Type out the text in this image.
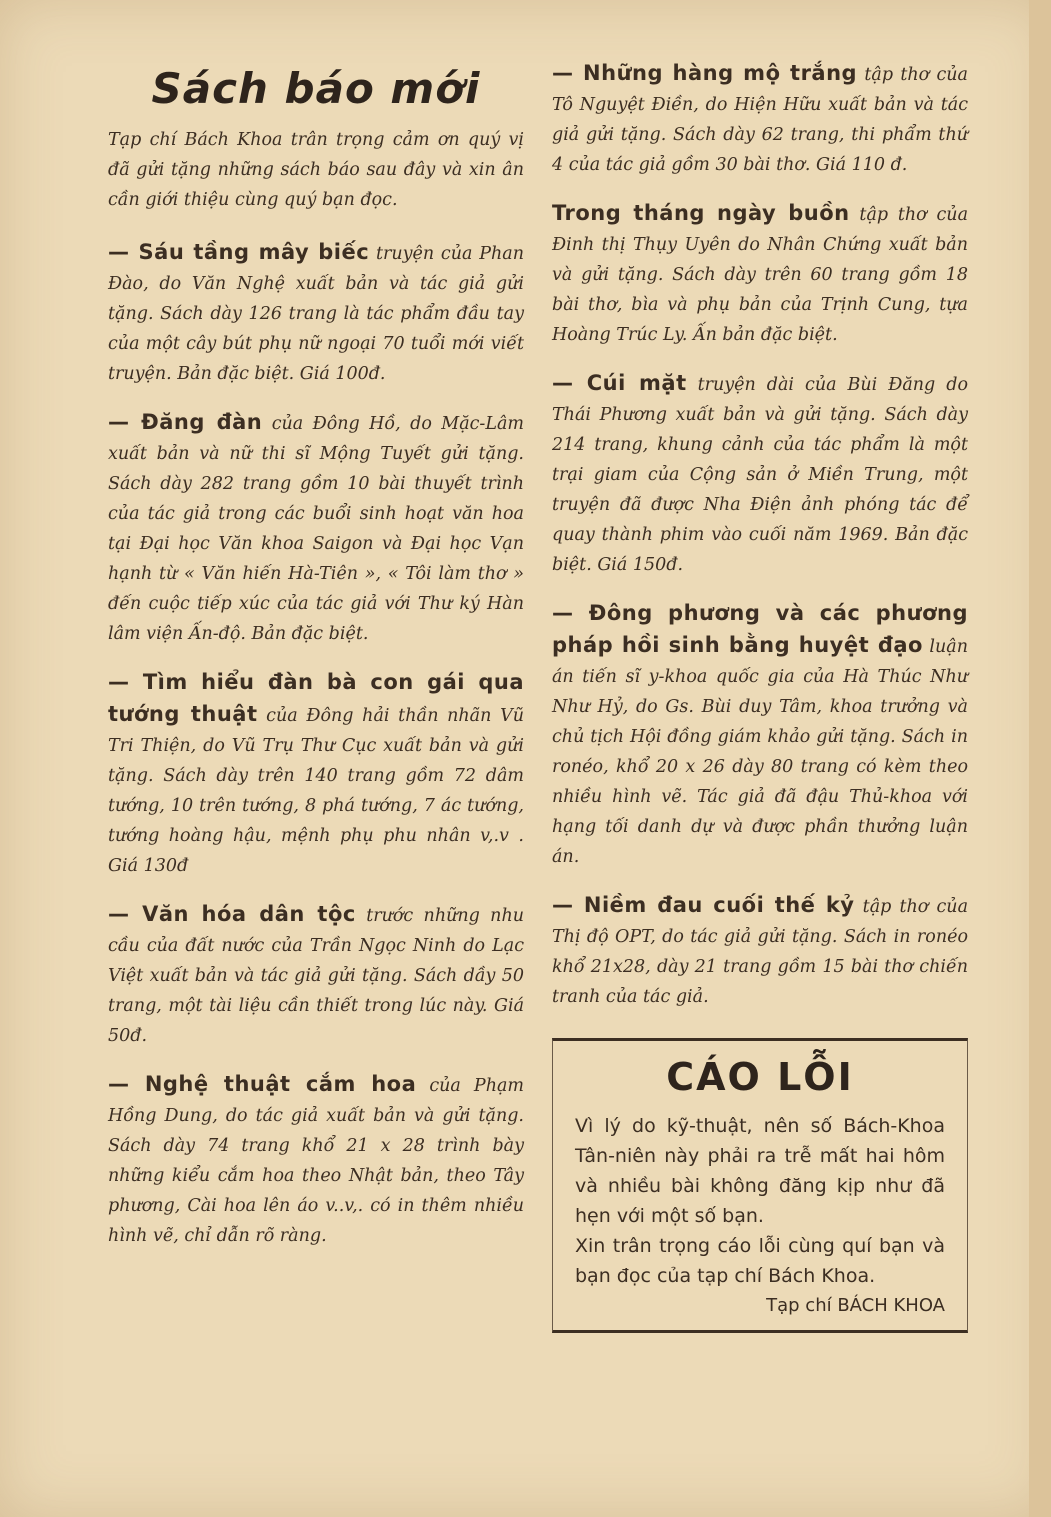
Sách báo mới

Tạp chí Bách Khoa trân trọng cảm ơn quý vị đã gửi tặng những sách báo sau đây và xin ân cần giới thiệu cùng quý bạn đọc.

— Sáu tầng mây biếc truyện của Phan Đào, do Văn Nghệ xuất bản và tác giả gửi tặng. Sách dày 126 trang là tác phẩm đầu tay của một cây bút phụ nữ ngoại 70 tuổi mới viết truyện. Bản đặc biệt. Giá 100đ.

— Đăng đàn của Đông Hồ, do Mặc-Lâm xuất bản và nữ thi sĩ Mộng Tuyết gửi tặng. Sách dày 282 trang gồm 10 bài thuyết trình của tác giả trong các buổi sinh hoạt văn hoa tại Đại học Văn khoa Saigon và Đại học Vạn hạnh từ « Văn hiến Hà-Tiên », « Tôi làm thơ » đến cuộc tiếp xúc của tác giả với Thư ký Hàn lâm viện Ấn-độ. Bản đặc biệt.

— Tìm hiểu đàn bà con gái qua tướng thuật của Đông hải thần nhãn Vũ Tri Thiện, do Vũ Trụ Thư Cục xuất bản và gửi tặng. Sách dày trên 140 trang gồm 72 dâm tướng, 10 trên tướng, 8 phá tướng, 7 ác tướng, tướng hoàng hậu, mệnh phụ phu nhân v,.v . Giá 130đ

— Văn hóa dân tộc trước những nhu cầu của đất nước của Trần Ngọc Ninh do Lạc Việt xuất bản và tác giả gửi tặng. Sách dầy 50 trang, một tài liệu cần thiết trong lúc này. Giá 50đ.

— Nghệ thuật cắm hoa của Phạm Hồng Dung, do tác giả xuất bản và gửi tặng. Sách dày 74 trang khổ 21 x 28 trình bày những kiểu cắm hoa theo Nhật bản, theo Tây phương, Cài hoa lên áo v..v,. có in thêm nhiều hình vẽ, chỉ dẫn rõ ràng.

— Những hàng mộ trắng tập thơ của Tô Nguyệt Điền, do Hiện Hữu xuất bản và tác giả gửi tặng. Sách dày 62 trang, thi phẩm thứ 4 của tác giả gồm 30 bài thơ. Giá 110 đ.

Trong tháng ngày buồn tập thơ của Đinh thị Thụy Uyên do Nhân Chứng xuất bản và gửi tặng. Sách dày trên 60 trang gồm 18 bài thơ, bìa và phụ bản của Trịnh Cung, tựa Hoàng Trúc Ly. Ấn bản đặc biệt.

— Cúi mặt truyện dài của Bùi Đăng do Thái Phương xuất bản và gửi tặng. Sách dày 214 trang, khung cảnh của tác phẩm là một trại giam của Cộng sản ở Miền Trung, một truyện đã được Nha Điện ảnh phóng tác để quay thành phim vào cuối năm 1969. Bản đặc biệt. Giá 150đ.

— Đông phương và các phương pháp hồi sinh bằng huyệt đạo luận án tiến sĩ y-khoa quốc gia của Hà Thúc Như Như Hỷ, do Gs. Bùi duy Tâm, khoa trưởng và chủ tịch Hội đồng giám khảo gửi tặng. Sách in ronéo, khổ 20 x 26 dày 80 trang có kèm theo nhiều hình vẽ. Tác giả đã đậu Thủ-khoa với hạng tối danh dự và được phần thưởng luận án.

— Niềm đau cuối thế kỷ tập thơ của Thị độ OPT, do tác giả gửi tặng. Sách in ronéo khổ 21x28, dày 21 trang gồm 15 bài thơ chiến tranh của tác giả.

CÁO LỖI

Vì lý do kỹ-thuật, nên số Bách-Khoa Tân-niên này phải ra trễ mất hai hôm và nhiều bài không đăng kịp như đã hẹn với một số bạn.

Xin trân trọng cáo lỗi cùng quí bạn và bạn đọc của tạp chí Bách Khoa.

Tạp chí BÁCH KHOA
